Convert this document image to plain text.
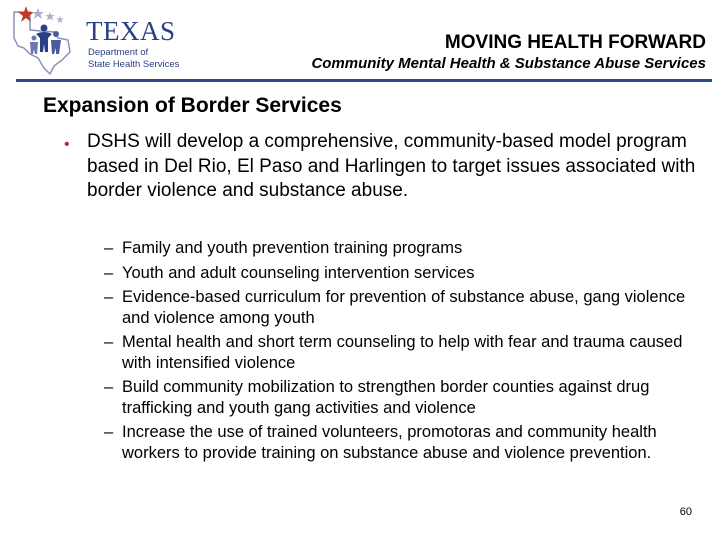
TEXAS
Department of
State Health Services
MOVING HEALTH FORWARD
Community Mental Health & Substance Abuse Services
Expansion of Border Services
• DSHS will develop a comprehensive, community-based model program based in Del Rio, El Paso and Harlingen to target issues associated with border violence and substance abuse.
– Family and youth prevention training programs
– Youth and adult counseling intervention services
– Evidence-based curriculum for prevention of substance abuse, gang violence and violence among youth
– Mental health and short term counseling to help with fear and trauma caused with intensified violence
– Build community mobilization to strengthen border counties against drug trafficking and youth gang activities and violence
– Increase the use of trained volunteers, promotoras and community health workers to provide training on substance abuse and violence prevention.
60
